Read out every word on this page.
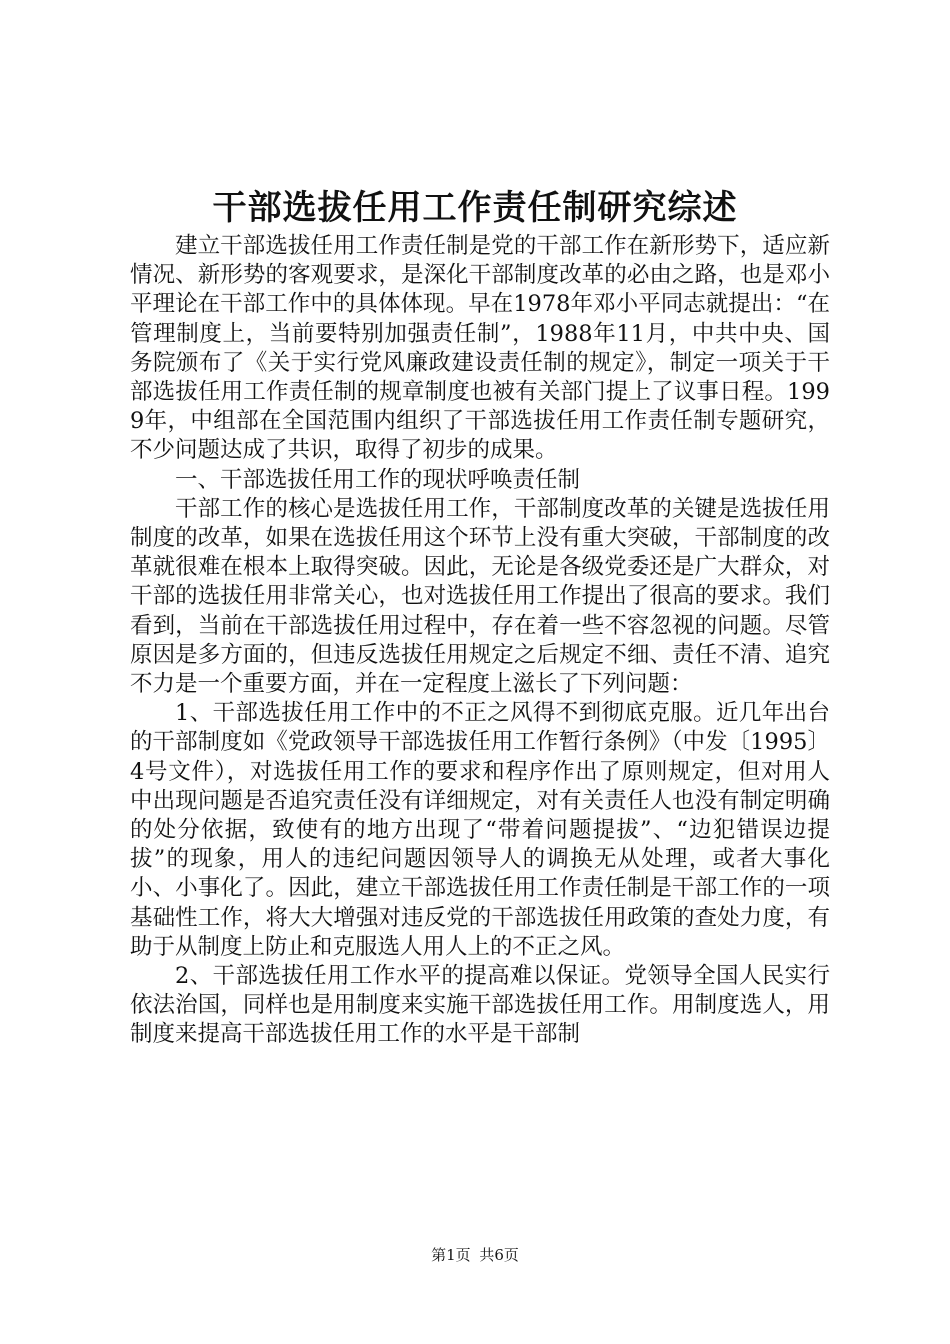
干部选拔任用工作责任制研究综述

建立干部选拔任用工作责任制是党的干部工作在新形势下，适应新情况、新形势的客观要求，是深化干部制度改革的必由之路，也是邓小平理论在干部工作中的具体体现。早在1978年邓小平同志就提出：“在管理制度上，当前要特别加强责任制”，1988年11月，中共中央、国务院颁布了《关于实行党风廉政建设责任制的规定》，制定一项关于干部选拔任用工作责任制的规章制度也被有关部门提上了议事日程。1999年，中组部在全国范围内组织了干部选拔任用工作责任制专题研究，不少问题达成了共识，取得了初步的成果。

一、干部选拔任用工作的现状呼唤责任制

干部工作的核心是选拔任用工作，干部制度改革的关键是选拔任用制度的改革，如果在选拔任用这个环节上没有重大突破，干部制度的改革就很难在根本上取得突破。因此，无论是各级党委还是广大群众，对干部的选拔任用非常关心，也对选拔任用工作提出了很高的要求。我们看到，当前在干部选拔任用过程中，存在着一些不容忽视的问题。尽管原因是多方面的，但违反选拔任用规定之后规定不细、责任不清、追究不力是一个重要方面，并在一定程度上滋长了下列问题：

1、干部选拔任用工作中的不正之风得不到彻底克服。近几年出台的干部制度如《党政领导干部选拔任用工作暂行条例》（中发〔1995〕4号文件），对选拔任用工作的要求和程序作出了原则规定，但对用人中出现问题是否追究责任没有详细规定，对有关责任人也没有制定明确的处分依据，致使有的地方出现了“带着问题提拔”、“边犯错误边提拔”的现象，用人的违纪问题因领导人的调换无从处理，或者大事化小、小事化了。因此，建立干部选拔任用工作责任制是干部工作的一项基础性工作，将大大增强对违反党的干部选拔任用政策的查处力度，有助于从制度上防止和克服选人用人上的不正之风。

2、干部选拔任用工作水平的提高难以保证。党领导全国人民实行依法治国，同样也是用制度来实施干部选拔任用工作。用制度选人，用制度来提高干部选拔任用工作的水平是干部制

第1页 共6页
